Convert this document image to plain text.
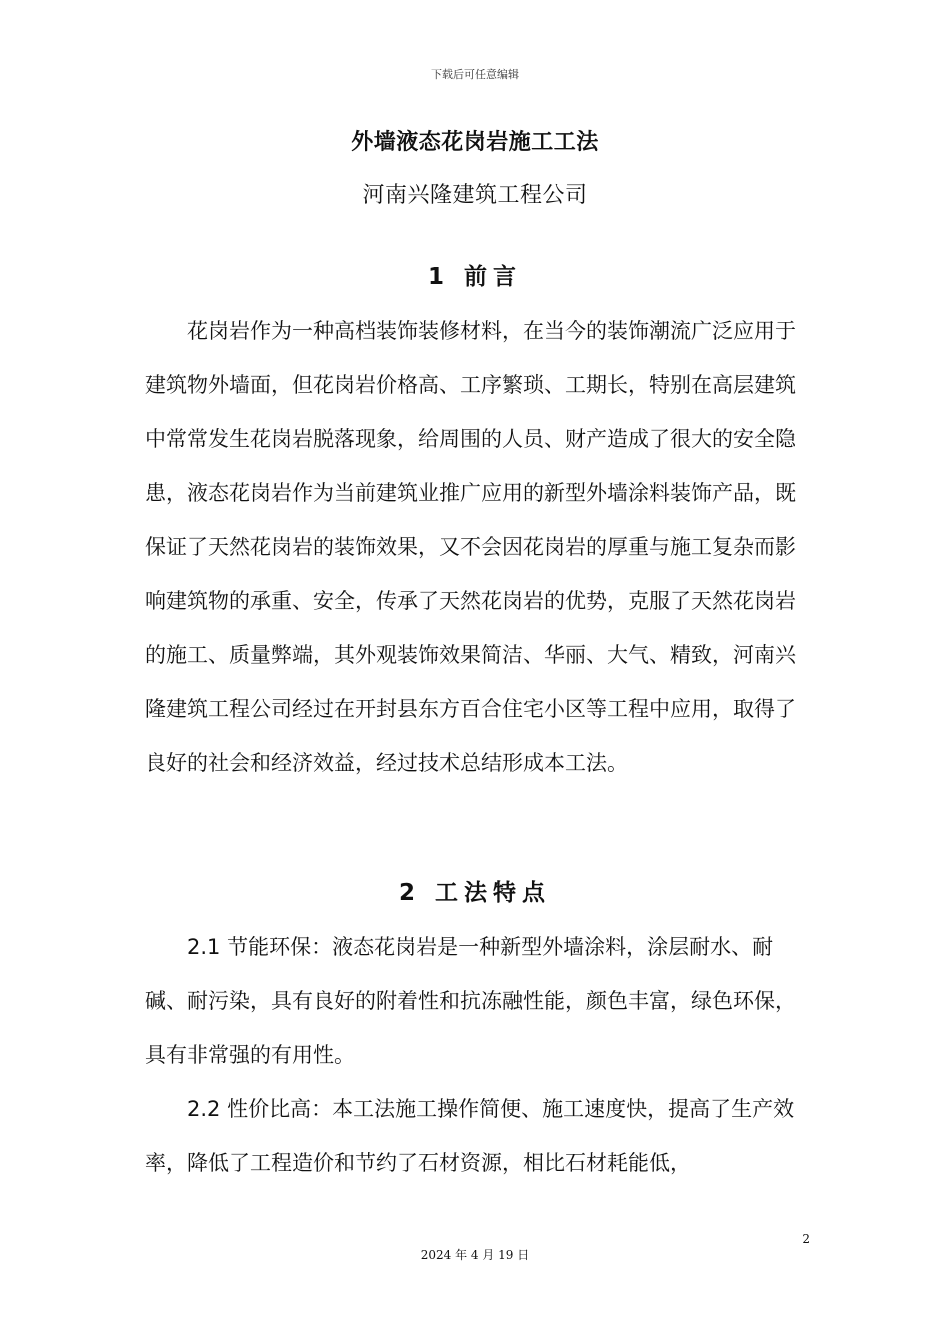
下载后可任意编辑
外墙液态花岗岩施工工法
河南兴隆建筑工程公司
1 前言

花岗岩作为一种高档装饰装修材料，在当今的装饰潮流广泛应用于建筑物外墙面，但花岗岩价格高、工序繁琐、工期长，特别在高层建筑中常常发生花岗岩脱落现象，给周围的人员、财产造成了很大的安全隐患，液态花岗岩作为当前建筑业推广应用的新型外墙涂料装饰产品，既保证了天然花岗岩的装饰效果，又不会因花岗岩的厚重与施工复杂而影响建筑物的承重、安全，传承了天然花岗岩的优势，克服了天然花岗岩的施工、质量弊端，其外观装饰效果简洁、华丽、大气、精致，河南兴隆建筑工程公司经过在开封县东方百合住宅小区等工程中应用，取得了良好的社会和经济效益，经过技术总结形成本工法。

2 工法特点

2.1 节能环保：液态花岗岩是一种新型外墙涂料，涂层耐水、耐碱、耐污染，具有良好的附着性和抗冻融性能，颜色丰富，绿色环保，具有非常强的有用性。

2.2 性价比高：本工法施工操作简便、施工速度快，提高了生产效率，降低了工程造价和节约了石材资源，相比石材耗能低，

2
2024 年 4 月 19 日
